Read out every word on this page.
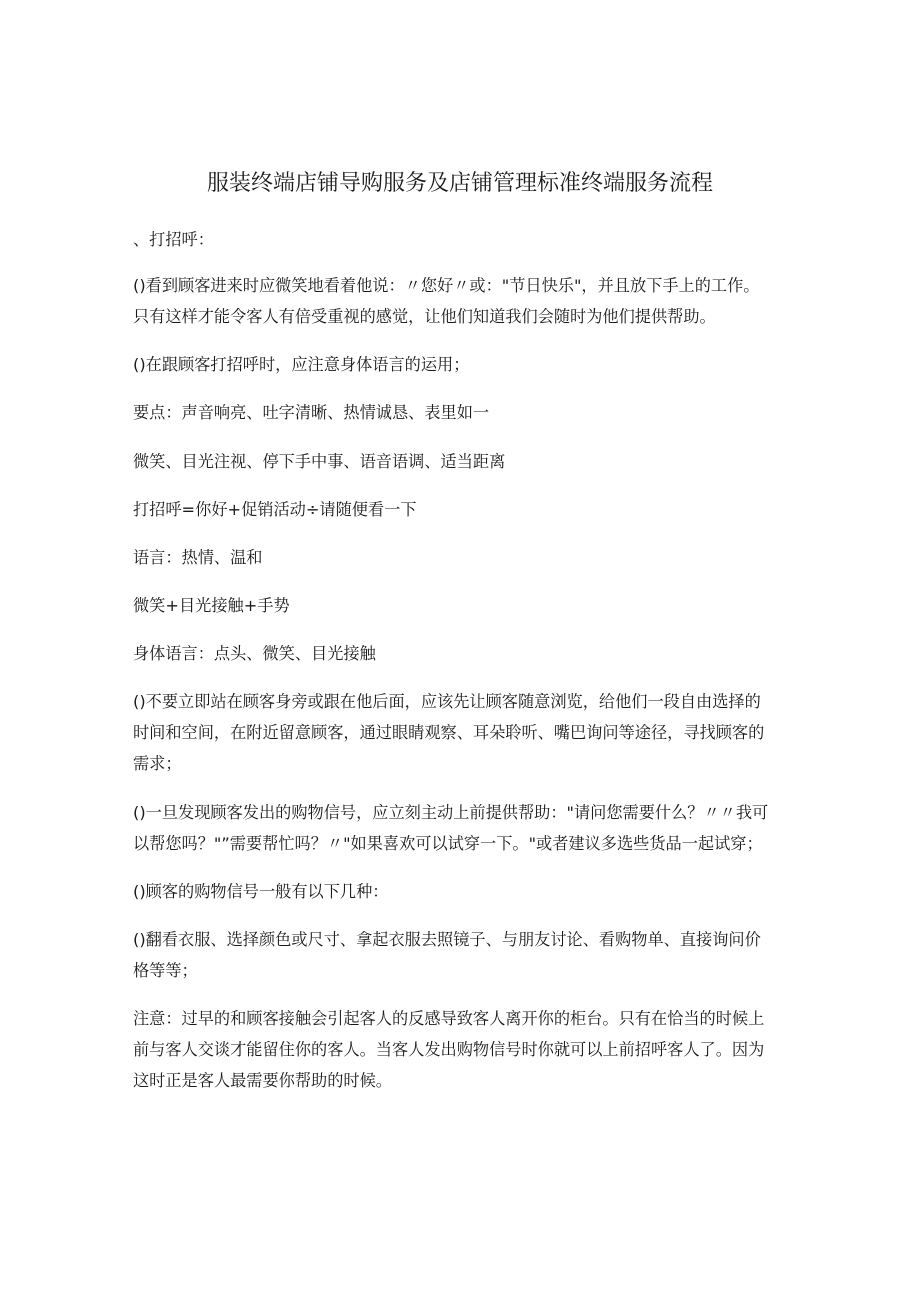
服装终端店铺导购服务及店铺管理标准终端服务流程
、打招呼：
()看到顾客进来时应微笑地看着他说：〃您好〃或："节日快乐"，并且放下手上的工作。
只有这样才能令客人有倍受重视的感觉，让他们知道我们会随时为他们提供帮助。
()在跟顾客打招呼时，应注意身体语言的运用；
要点：声音响亮、吐字清晰、热情诚恳、表里如一
微笑、目光注视、停下手中事、语音语调、适当距离
打招呼=你好+促销活动÷请随便看一下
语言：热情、温和
微笑+目光接触+手势
身体语言：点头、微笑、目光接触
()不要立即站在顾客身旁或跟在他后面，应该先让顾客随意浏览，给他们一段自由选择的
时间和空间，在附近留意顾客，通过眼睛观察、耳朵聆听、嘴巴询问等途径，寻找顾客的
需求；
()一旦发现顾客发出的购物信号，应立刻主动上前提供帮助："请问您需要什么？〃〃我可
以帮您吗？"”需要帮忙吗？〃"如果喜欢可以试穿一下。"或者建议多选些货品一起试穿；
()顾客的购物信号一般有以下几种：
()翻看衣服、选择颜色或尺寸、拿起衣服去照镜子、与朋友讨论、看购物单、直接询问价
格等等；
注意：过早的和顾客接触会引起客人的反感导致客人离开你的柜台。只有在恰当的时候上
前与客人交谈才能留住你的客人。当客人发出购物信号时你就可以上前招呼客人了。因为
这时正是客人最需要你帮助的时候。
